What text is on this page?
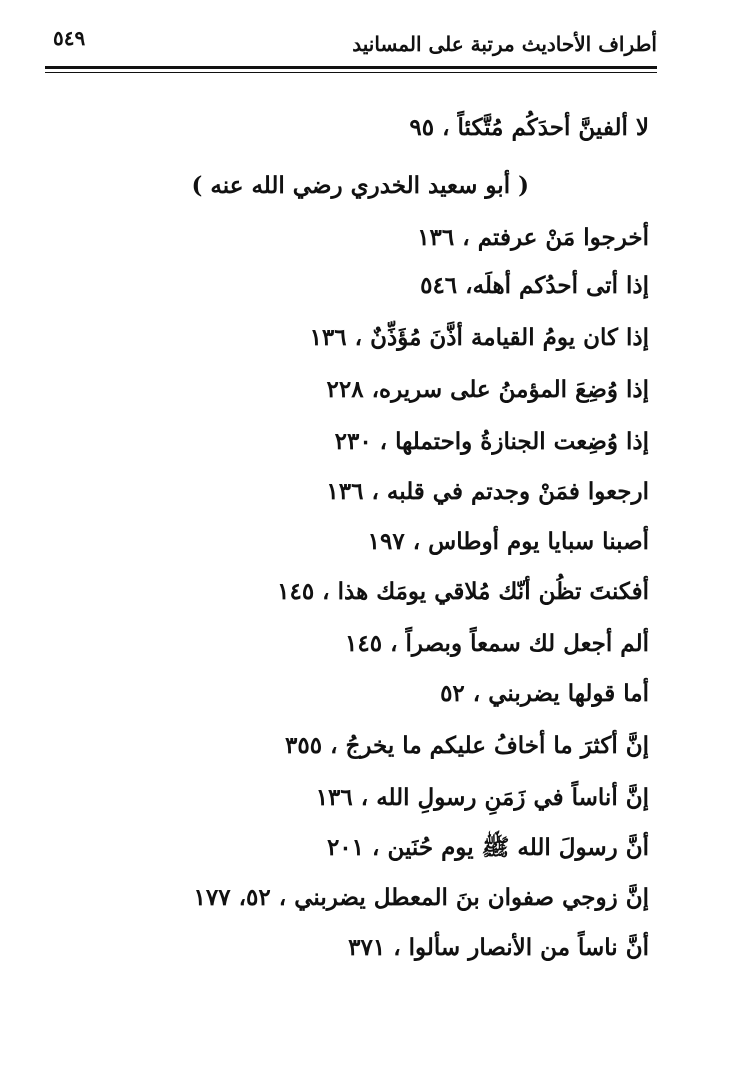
٥٤٩	أطراف الأحاديث مرتبة على المسانيد
لا ألفينَّ أحدَكُم مُتَّكئاً ، ٩٥
( أبو سعيد الخدري رضي الله عنه )
أخرجوا مَنْ عرفتم ، ١٣٦
إذا أتى أحدُكم أهلَه، ٥٤٦
إذا كان يومُ القيامة أذَّنَ مُؤَذِّنٌ ، ١٣٦
إذا وُضِعَ المؤمنُ على سريره، ٢٢٨
إذا وُضِعت الجنازةُ واحتملها ، ٢٣٠
ارجعوا فمَنْ وجدتم في قلبه ، ١٣٦
أصبنا سبايا يوم أوطاس ، ١٩٧
أفكنتَ تظُن أنّك مُلاقي يومَك هذا ، ١٤٥
ألم أجعل لك سمعاً وبصراً ، ١٤٥
أما قولها يضربني ، ٥٢
إنَّ أكثرَ ما أخافُ عليكم ما يخرجُ ، ٣٥٥
إنَّ أناساً في زَمَنِ رسولِ الله ، ١٣٦
أنَّ رسولَ الله ﷺ يوم حُنَين ، ٢٠١
إنَّ زوجي صفوان بنَ المعطل يضربني ، ٥٢، ١٧٧
أنَّ ناساً من الأنصار سألوا ، ٣٧١
